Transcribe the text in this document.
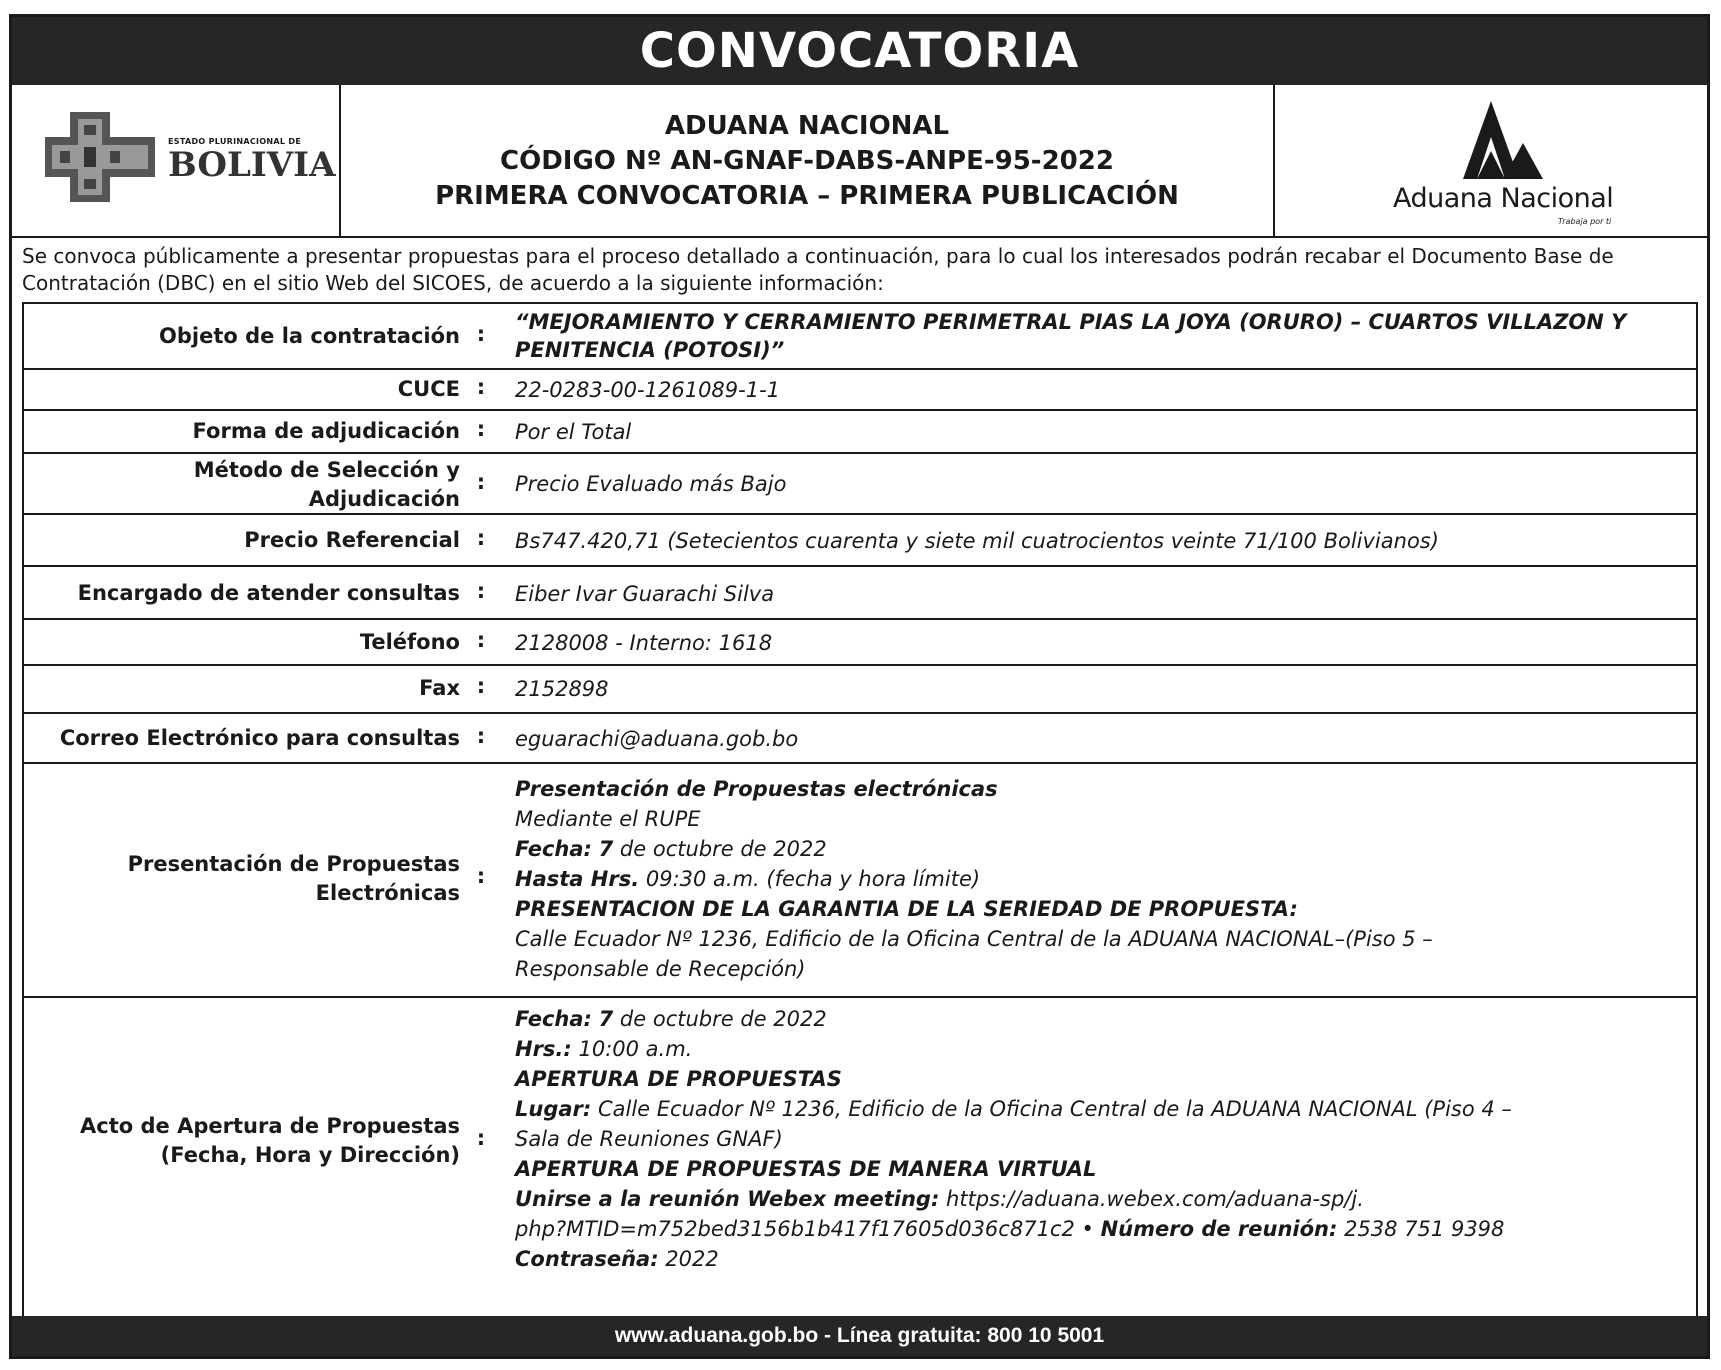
CONVOCATORIA
ESTADO PLURINACIONAL DE
BOLIVIA
ADUANA NACIONAL
CÓDIGO Nº AN-GNAF-DABS-ANPE-95-2022
PRIMERA CONVOCATORIA – PRIMERA PUBLICACIÓN	Aduana Nacional
Trabaja por ti
Se convoca públicamente a presentar propuestas para el proceso detallado a continuación, para lo cual los interesados podrán recabar el Documento Base de Contratación (DBC) en el sitio Web del SICOES, de acuerdo a la siguiente información:
Objeto de la contratación : “MEJORAMIENTO Y CERRAMIENTO PERIMETRAL PIAS LA JOYA (ORURO) – CUARTOS VILLAZON Y PENITENCIA (POTOSI)”
CUCE : 22-0283-00-1261089-1-1
Forma de adjudicación : Por el Total
Método de Selección y
Adjudicación
: Precio Evaluado más Bajo
Precio Referencial : Bs747.420,71 (Setecientos cuarenta y siete mil cuatrocientos veinte 71/100 Bolivianos)
Encargado de atender consultas : Eiber Ivar Guarachi Silva
Teléfono : 2128008 - Interno: 1618
Fax : 2152898
Correo Electrónico para consultas : eguarachi@aduana.gob.bo
Presentación de Propuestas
Electrónicas
:
Presentación de Propuestas electrónicas
Mediante el RUPE
Fecha: 7 de octubre de 2022
Hasta Hrs. 09:30 a.m. (fecha y hora límite)
PRESENTACION DE LA GARANTIA DE LA SERIEDAD DE PROPUESTA:
Calle Ecuador Nº 1236, Edificio de la Oficina Central de la ADUANA NACIONAL–(Piso 5 –
Responsable de Recepción)
Acto de Apertura de Propuestas
(Fecha, Hora y Dirección)
:
Fecha: 7 de octubre de 2022
Hrs.: 10:00 a.m.
APERTURA DE PROPUESTAS
Lugar: Calle Ecuador Nº 1236, Edificio de la Oficina Central de la ADUANA NACIONAL (Piso 4 –
Sala de Reuniones GNAF)
APERTURA DE PROPUESTAS DE MANERA VIRTUAL
Unirse a la reunión Webex meeting: https://aduana.webex.com/aduana-sp/j.
php?MTID=m752bed3156b1b417f17605d036c871c2 • Número de reunión: 2538 751 9398
Contraseña: 2022
www.aduana.gob.bo - Línea gratuita: 800 10 5001
